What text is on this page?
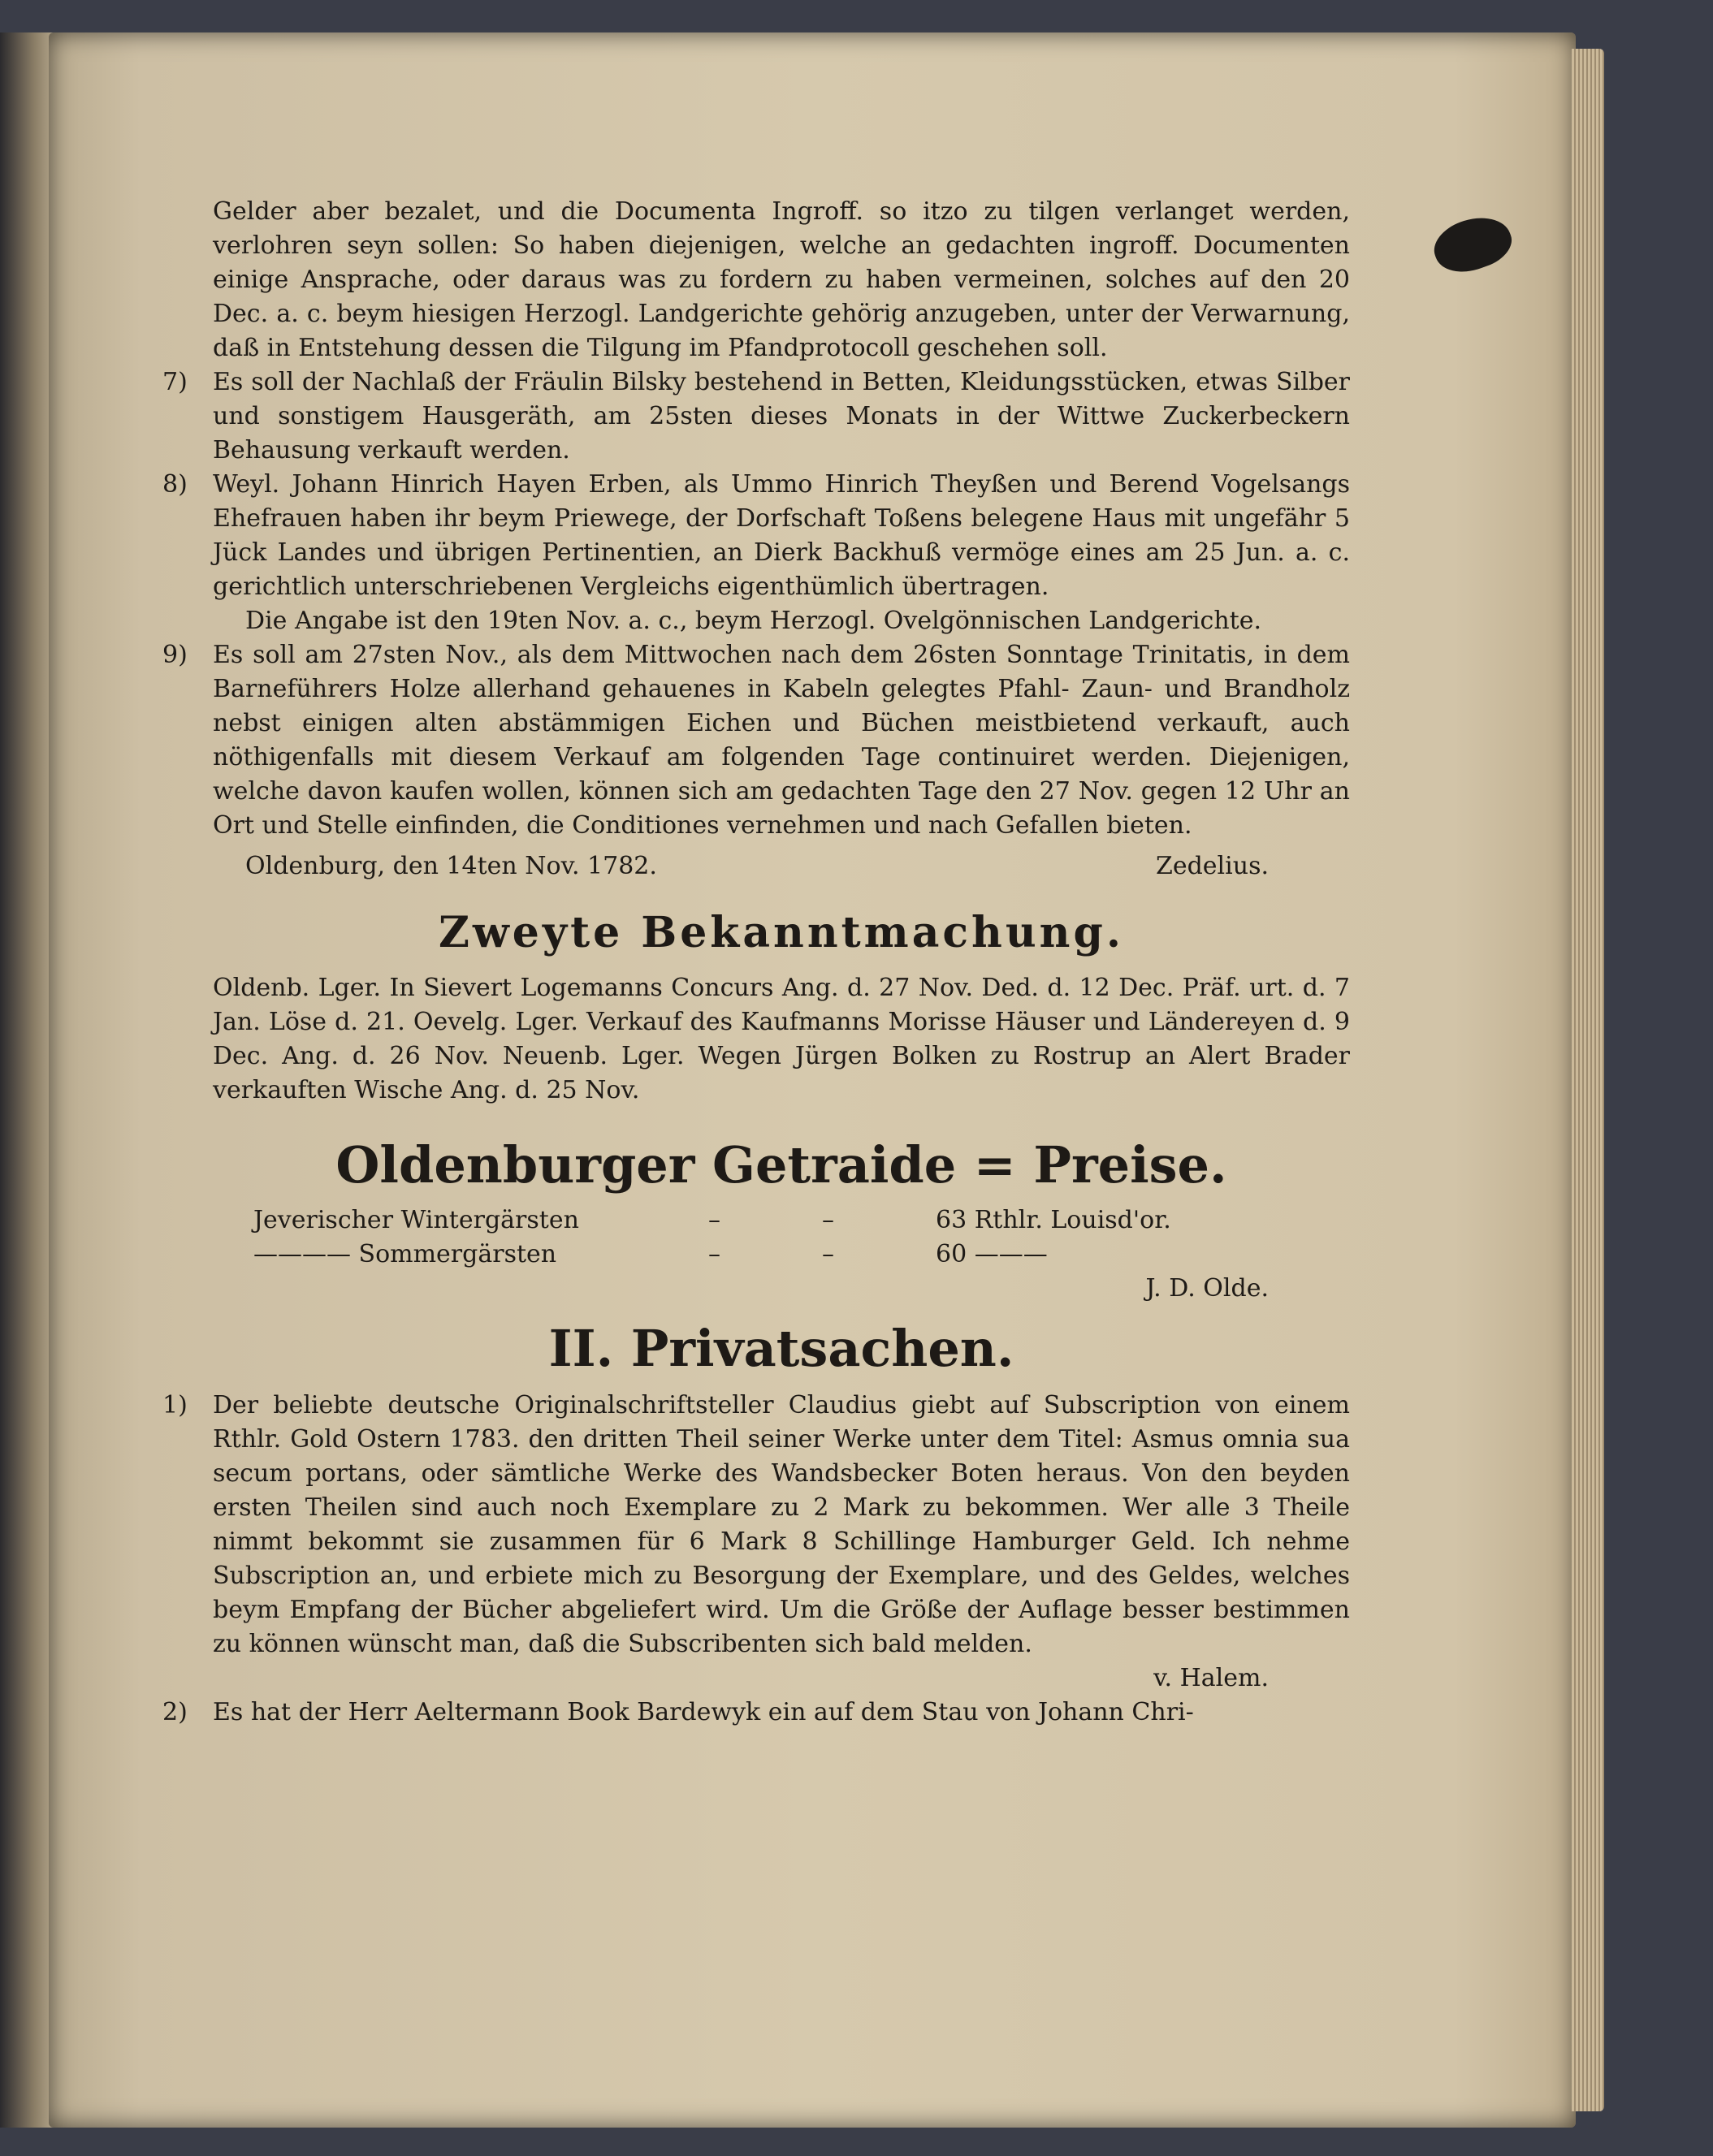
Gelder aber bezalet, und die Documenta Ingroff. so itzo zu tilgen verlanget werden, verlohren seyn sollen: So haben diejenigen, welche an gedachten ingroff. Documenten einige Ansprache, oder daraus was zu fordern zu haben vermeinen, solches auf den 20 Dec. a. c. beym hiesigen Herzogl. Landgerichte gehörig anzugeben, unter der Verwarnung, daß in Entstehung dessen die Tilgung im Pfandprotocoll geschehen soll.

7) Es soll der Nachlaß der Fräulin Bilsky bestehend in Betten, Kleidungsstücken, etwas Silber und sonstigem Hausgeräth, am 25sten dieses Monats in der Wittwe Zuckerbeckern Behausung verkauft werden.

8) Weyl. Johann Hinrich Hayen Erben, als Ummo Hinrich Theyßen und Berend Vogelsangs Ehefrauen haben ihr beym Priewege, der Dorfschaft Toßens belegene Haus mit ungefähr 5 Jück Landes und übrigen Pertinentien, an Dierk Backhuß vermöge eines am 25 Jun. a. c. gerichtlich unterschriebenen Vergleichs eigenthümlich übertragen.

Die Angabe ist den 19ten Nov. a. c., beym Herzogl. Ovelgönnischen Landgerichte.

9) Es soll am 27sten Nov., als dem Mittwochen nach dem 26sten Sonntage Trinitatis, in dem Barneführers Holze allerhand gehauenes in Kabeln gelegtes Pfahl- Zaun- und Brandholz nebst einigen alten abstämmigen Eichen und Büchen meistbietend verkauft, auch nöthigenfalls mit diesem Verkauf am folgenden Tage continuiret werden. Diejenigen, welche davon kaufen wollen, können sich am gedachten Tage den 27 Nov. gegen 12 Uhr an Ort und Stelle einfinden, die Conditiones vernehmen und nach Gefallen bieten.

Oldenburg, den 14ten Nov. 1782.	Zedelius.
Zweyte Bekanntmachung.

Oldenb. Lger. In Sievert Logemanns Concurs Ang. d. 27 Nov. Ded. d. 12 Dec. Präf. urt. d. 7 Jan. Löse d. 21. Oevelg. Lger. Verkauf des Kaufmanns Morisse Häuser und Ländereyen d. 9 Dec. Ang. d. 26 Nov. Neuenb. Lger. Wegen Jürgen Bolken zu Rostrup an Alert Brader verkauften Wische Ang. d. 25 Nov.

Oldenburger Getraide = Preise.
Jeverischer Wintergärsten	–	–	63 Rthlr. Louisd'or.
———— Sommergärsten	–	–	60 ———
J. D. Olde.
II. Privatsachen.

1) Der beliebte deutsche Originalschriftsteller Claudius giebt auf Subscription von einem Rthlr. Gold Ostern 1783. den dritten Theil seiner Werke unter dem Titel: Asmus omnia sua secum portans, oder sämtliche Werke des Wandsbecker Boten heraus. Von den beyden ersten Theilen sind auch noch Exemplare zu 2 Mark zu bekommen. Wer alle 3 Theile nimmt bekommt sie zusammen für 6 Mark 8 Schillinge Hamburger Geld. Ich nehme Subscription an, und erbiete mich zu Besorgung der Exemplare, und des Geldes, welches beym Empfang der Bücher abgeliefert wird. Um die Größe der Auflage besser bestimmen zu können wünscht man, daß die Subscribenten sich bald melden.

v. Halem.

2) Es hat der Herr Aeltermann Book Bardewyk ein auf dem Stau von Johann Chri-
